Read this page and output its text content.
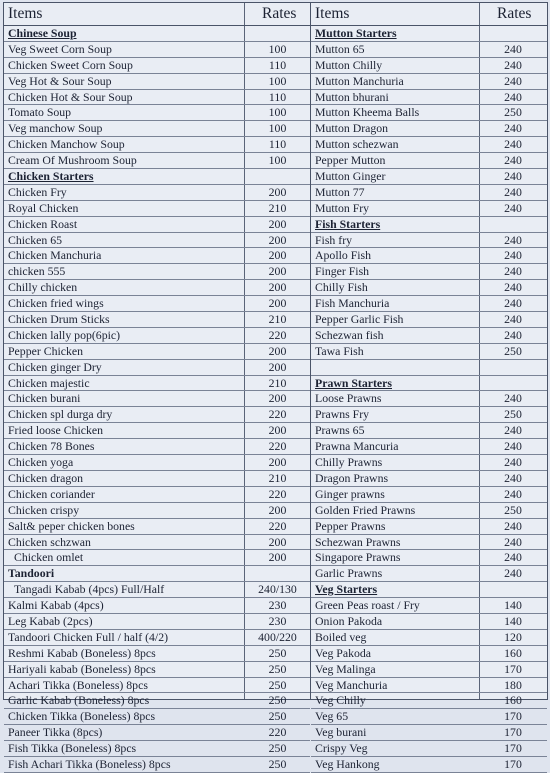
Items	Rates
Chinese Soup
Veg Sweet Corn Soup	100
Chicken Sweet Corn Soup	110
Veg Hot & Sour Soup	100
Chicken Hot & Sour Soup	110
Tomato Soup	100
Veg manchow Soup	100
Chicken Manchow Soup	110
Cream Of Mushroom Soup	100
Chicken Starters
Chicken Fry	200
Royal Chicken	210
Chicken Roast	200
Chicken 65	200
Chicken Manchuria	200
chicken 555	200
Chilly chicken	200
Chicken fried wings	200
Chicken Drum Sticks	210
Chicken lally pop(6pic)	220
Pepper Chicken	200
Chicken ginger Dry	200
Chicken majestic	210
Chicken burani	200
Chicken spl durga dry	220
Fried loose Chicken	200
Chicken 78 Bones	220
Chicken yoga	200
Chicken dragon	210
Chicken coriander	220
Chicken crispy	200
Salt& peper chicken bones	220
Chicken schzwan	200
Chicken omlet	200
Tandoori
Tangadi Kabab (4pcs) Full/Half	240/130
Kalmi Kabab (4pcs)	230
Leg Kabab (2pcs)	230
Tandoori Chicken Full / half (4/2)	400/220
Reshmi Kabab (Boneless) 8pcs	250
Hariyali kabab (Boneless) 8pcs	250
Achari Tikka (Boneless) 8pcs	250
Garlic Kabab (Boneless) 8pcs	250
Chicken Tikka (Boneless) 8pcs	250
Paneer Tikka (8pcs)	220
Fish Tikka (Boneless) 8pcs	250
Fish Achari Tikka (Boneless) 8pcs	250
Items	Rates
Mutton Starters
Mutton 65	240
Mutton Chilly	240
Mutton Manchuria	240
Mutton bhurani	240
Mutton Kheema Balls	250
Mutton Dragon	240
Mutton schezwan	240
Pepper Mutton	240
Mutton Ginger	240
Mutton 77	240
Mutton Fry	240
Fish Starters
Fish fry	240
Apollo Fish	240
Finger Fish	240
Chilly Fish	240
Fish Manchuria	240
Pepper Garlic Fish	240
Schezwan fish	240
Tawa Fish	250
Prawn Starters
Loose Prawns	240
Prawns Fry	250
Prawns 65	240
Prawna Mancuria	240
Chilly Prawns	240
Dragon Prawns	240
Ginger prawns	240
Golden Fried Prawns	250
Pepper Prawns	240
Schezwan Prawns	240
Singapore Prawns	240
Garlic Prawns	240
Veg Starters
Green Peas roast / Fry	140
Onion Pakoda	140
Boiled veg	120
Veg Pakoda	160
Veg Malinga	170
Veg Manchuria	180
Veg Chilly	160
Veg 65	170
Veg burani	170
Crispy Veg	170
Veg Hankong	170
